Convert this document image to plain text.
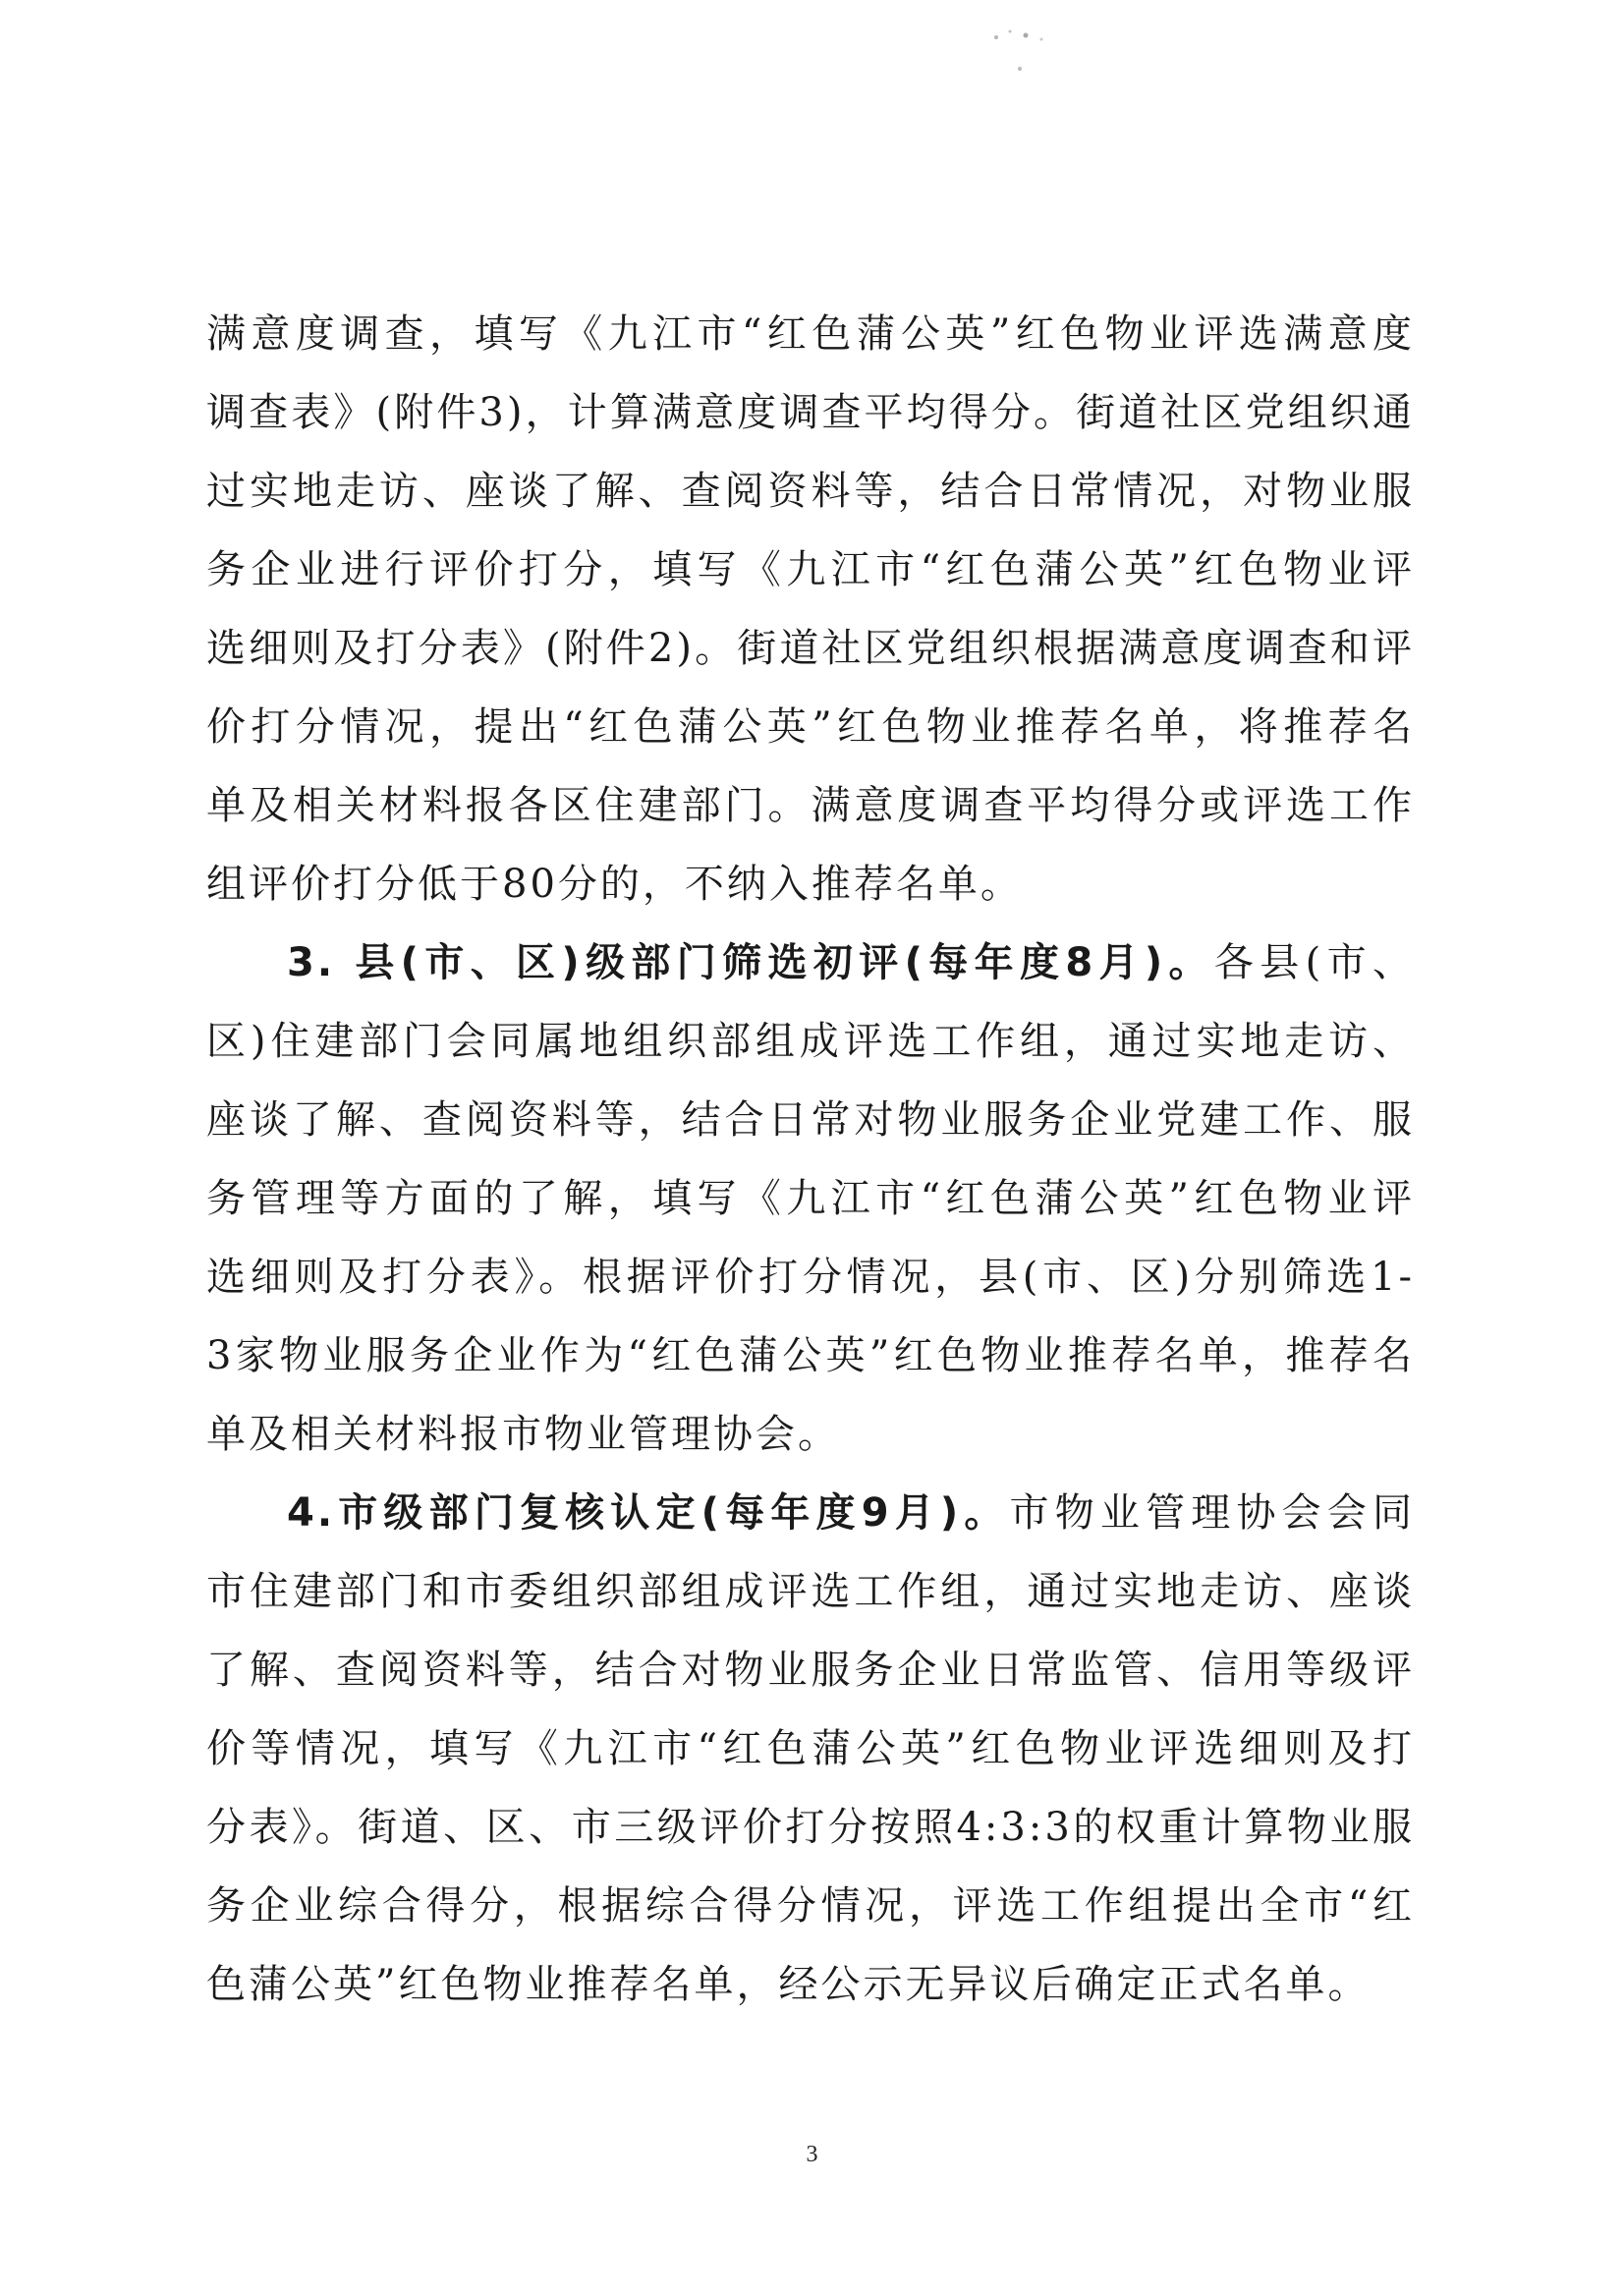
满意度调查，填写《九江市“红色蒲公英”红色物业评选满意度
调查表》(附件3)，计算满意度调查平均得分。街道社区党组织通
过实地走访、座谈了解、查阅资料等，结合日常情况，对物业服
务企业进行评价打分，填写《九江市“红色蒲公英”红色物业评
选细则及打分表》(附件2)。街道社区党组织根据满意度调查和评
价打分情况，提出“红色蒲公英”红色物业推荐名单，将推荐名
单及相关材料报各区住建部门。满意度调查平均得分或评选工作
组评价打分低于80分的，不纳入推荐名单。
3. 县(市、区)级部门筛选初评(每年度8月)。各县(市、
区)住建部门会同属地组织部组成评选工作组，通过实地走访、
座谈了解、查阅资料等，结合日常对物业服务企业党建工作、服
务管理等方面的了解，填写《九江市“红色蒲公英”红色物业评
选细则及打分表》。根据评价打分情况，县(市、区)分别筛选1-
3家物业服务企业作为“红色蒲公英”红色物业推荐名单，推荐名
单及相关材料报市物业管理协会。
4.市级部门复核认定(每年度9月)。市物业管理协会会同
市住建部门和市委组织部组成评选工作组，通过实地走访、座谈
了解、查阅资料等，结合对物业服务企业日常监管、信用等级评
价等情况，填写《九江市“红色蒲公英”红色物业评选细则及打
分表》。街道、区、市三级评价打分按照4:3:3的权重计算物业服
务企业综合得分，根据综合得分情况，评选工作组提出全市“红
色蒲公英”红色物业推荐名单，经公示无异议后确定正式名单。
3
